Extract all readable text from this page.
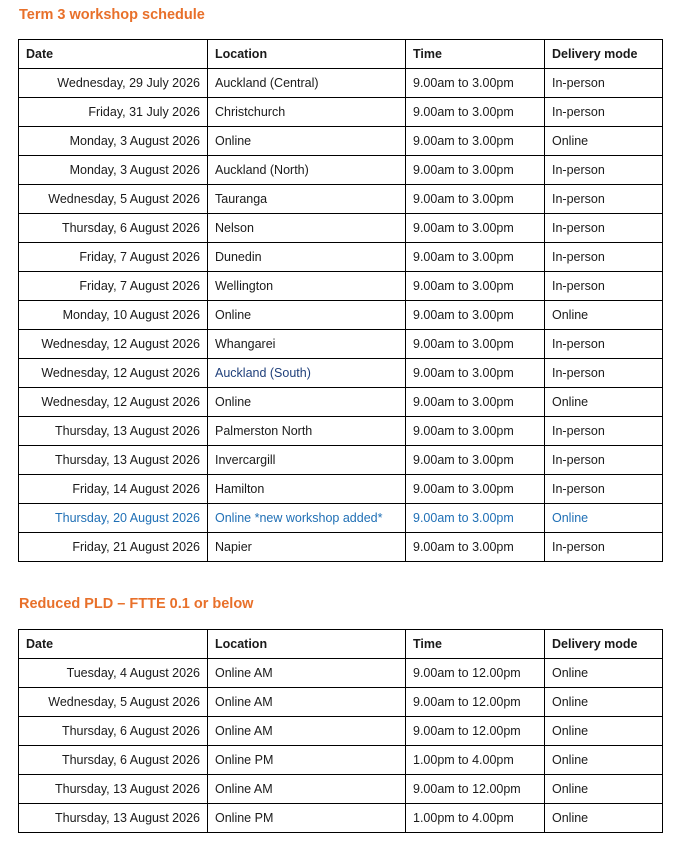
Term 3 workshop schedule
Date	Location	Time	Delivery mode
Wednesday, 29 July 2026	Auckland (Central)	9.00am to 3.00pm	In-person
Friday, 31 July 2026	Christchurch	9.00am to 3.00pm	In-person
Monday, 3 August 2026	Online	9.00am to 3.00pm	Online
Monday, 3 August 2026	Auckland (North)	9.00am to 3.00pm	In-person
Wednesday, 5 August 2026	Tauranga	9.00am to 3.00pm	In-person
Thursday, 6 August 2026	Nelson	9.00am to 3.00pm	In-person
Friday, 7 August 2026	Dunedin	9.00am to 3.00pm	In-person
Friday, 7 August 2026	Wellington	9.00am to 3.00pm	In-person
Monday, 10 August 2026	Online	9.00am to 3.00pm	Online
Wednesday, 12 August 2026	Whangarei	9.00am to 3.00pm	In-person
Wednesday, 12 August 2026	Auckland (South)	9.00am to 3.00pm	In-person
Wednesday, 12 August 2026	Online	9.00am to 3.00pm	Online
Thursday, 13 August 2026	Palmerston North	9.00am to 3.00pm	In-person
Thursday, 13 August 2026	Invercargill	9.00am to 3.00pm	In-person
Friday, 14 August 2026	Hamilton	9.00am to 3.00pm	In-person
Thursday, 20 August 2026	Online *new workshop added*	9.00am to 3.00pm	Online
Friday, 21 August 2026	Napier	9.00am to 3.00pm	In-person
Reduced PLD – FTTE 0.1 or below
Date	Location	Time	Delivery mode
Tuesday, 4 August 2026	Online AM	9.00am to 12.00pm	Online
Wednesday, 5 August 2026	Online AM	9.00am to 12.00pm	Online
Thursday, 6 August 2026	Online AM	9.00am to 12.00pm	Online
Thursday, 6 August 2026	Online PM	1.00pm to 4.00pm	Online
Thursday, 13 August 2026	Online AM	9.00am to 12.00pm	Online
Thursday, 13 August 2026	Online PM	1.00pm to 4.00pm	Online
